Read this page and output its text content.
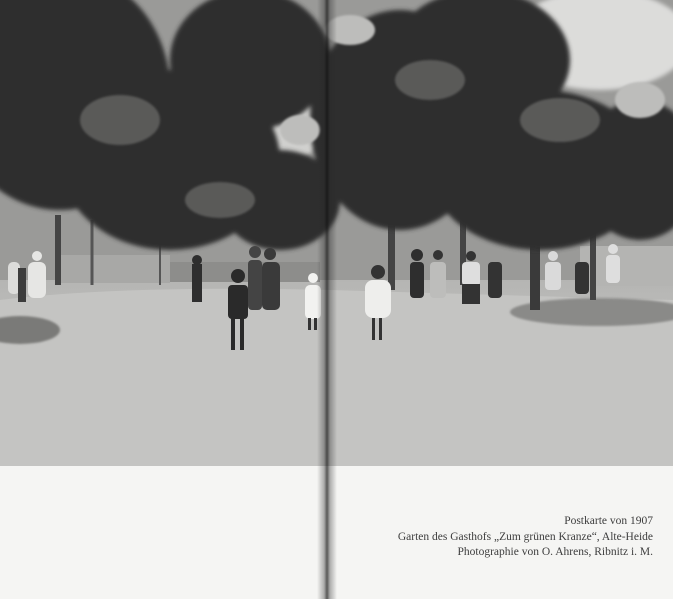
Postkarte von 1907
Garten des Gasthofs „Zum grünen Kranze“, Alte-Heide
Photographie von O. Ahrens, Ribnitz i. M.
